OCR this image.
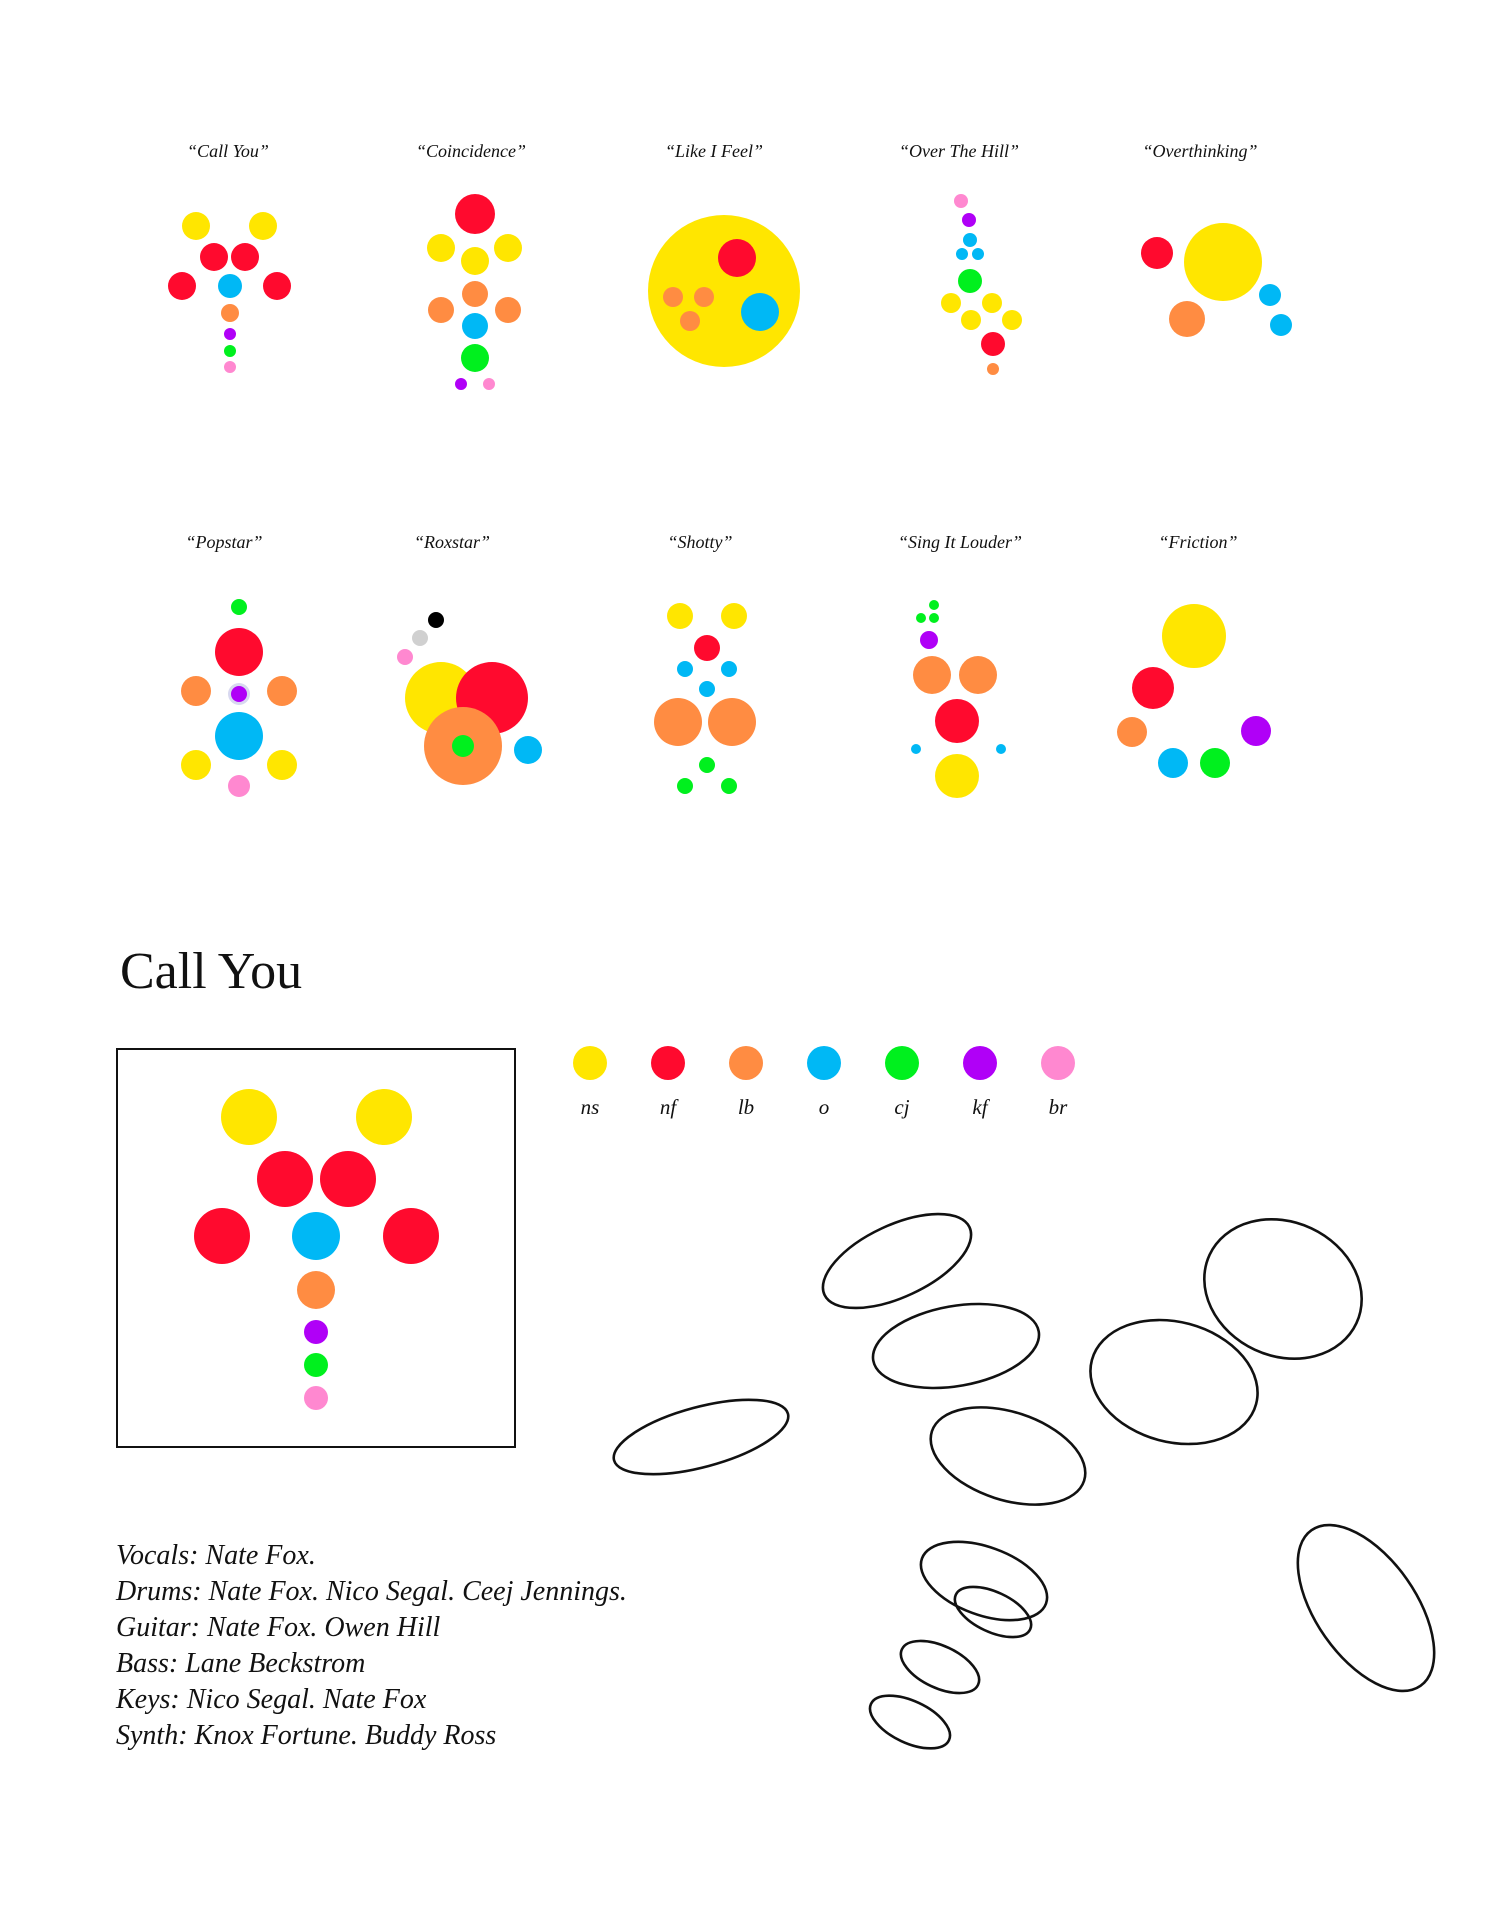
“Call You”	“Coincidence”	“Like I Feel”	“Over The Hill”	“Overthinking”
“Popstar”	“Roxstar”	“Shotty”	“Sing It Louder”	“Friction”
Call You
ns	nf	lb	o	cj	kf	br
Vocals: Nate Fox.
Drums: Nate Fox. Nico Segal. Ceej Jennings.
Guitar: Nate Fox. Owen Hill
Bass: Lane Beckstrom
Keys: Nico Segal. Nate Fox
Synth: Knox Fortune. Buddy Ross
